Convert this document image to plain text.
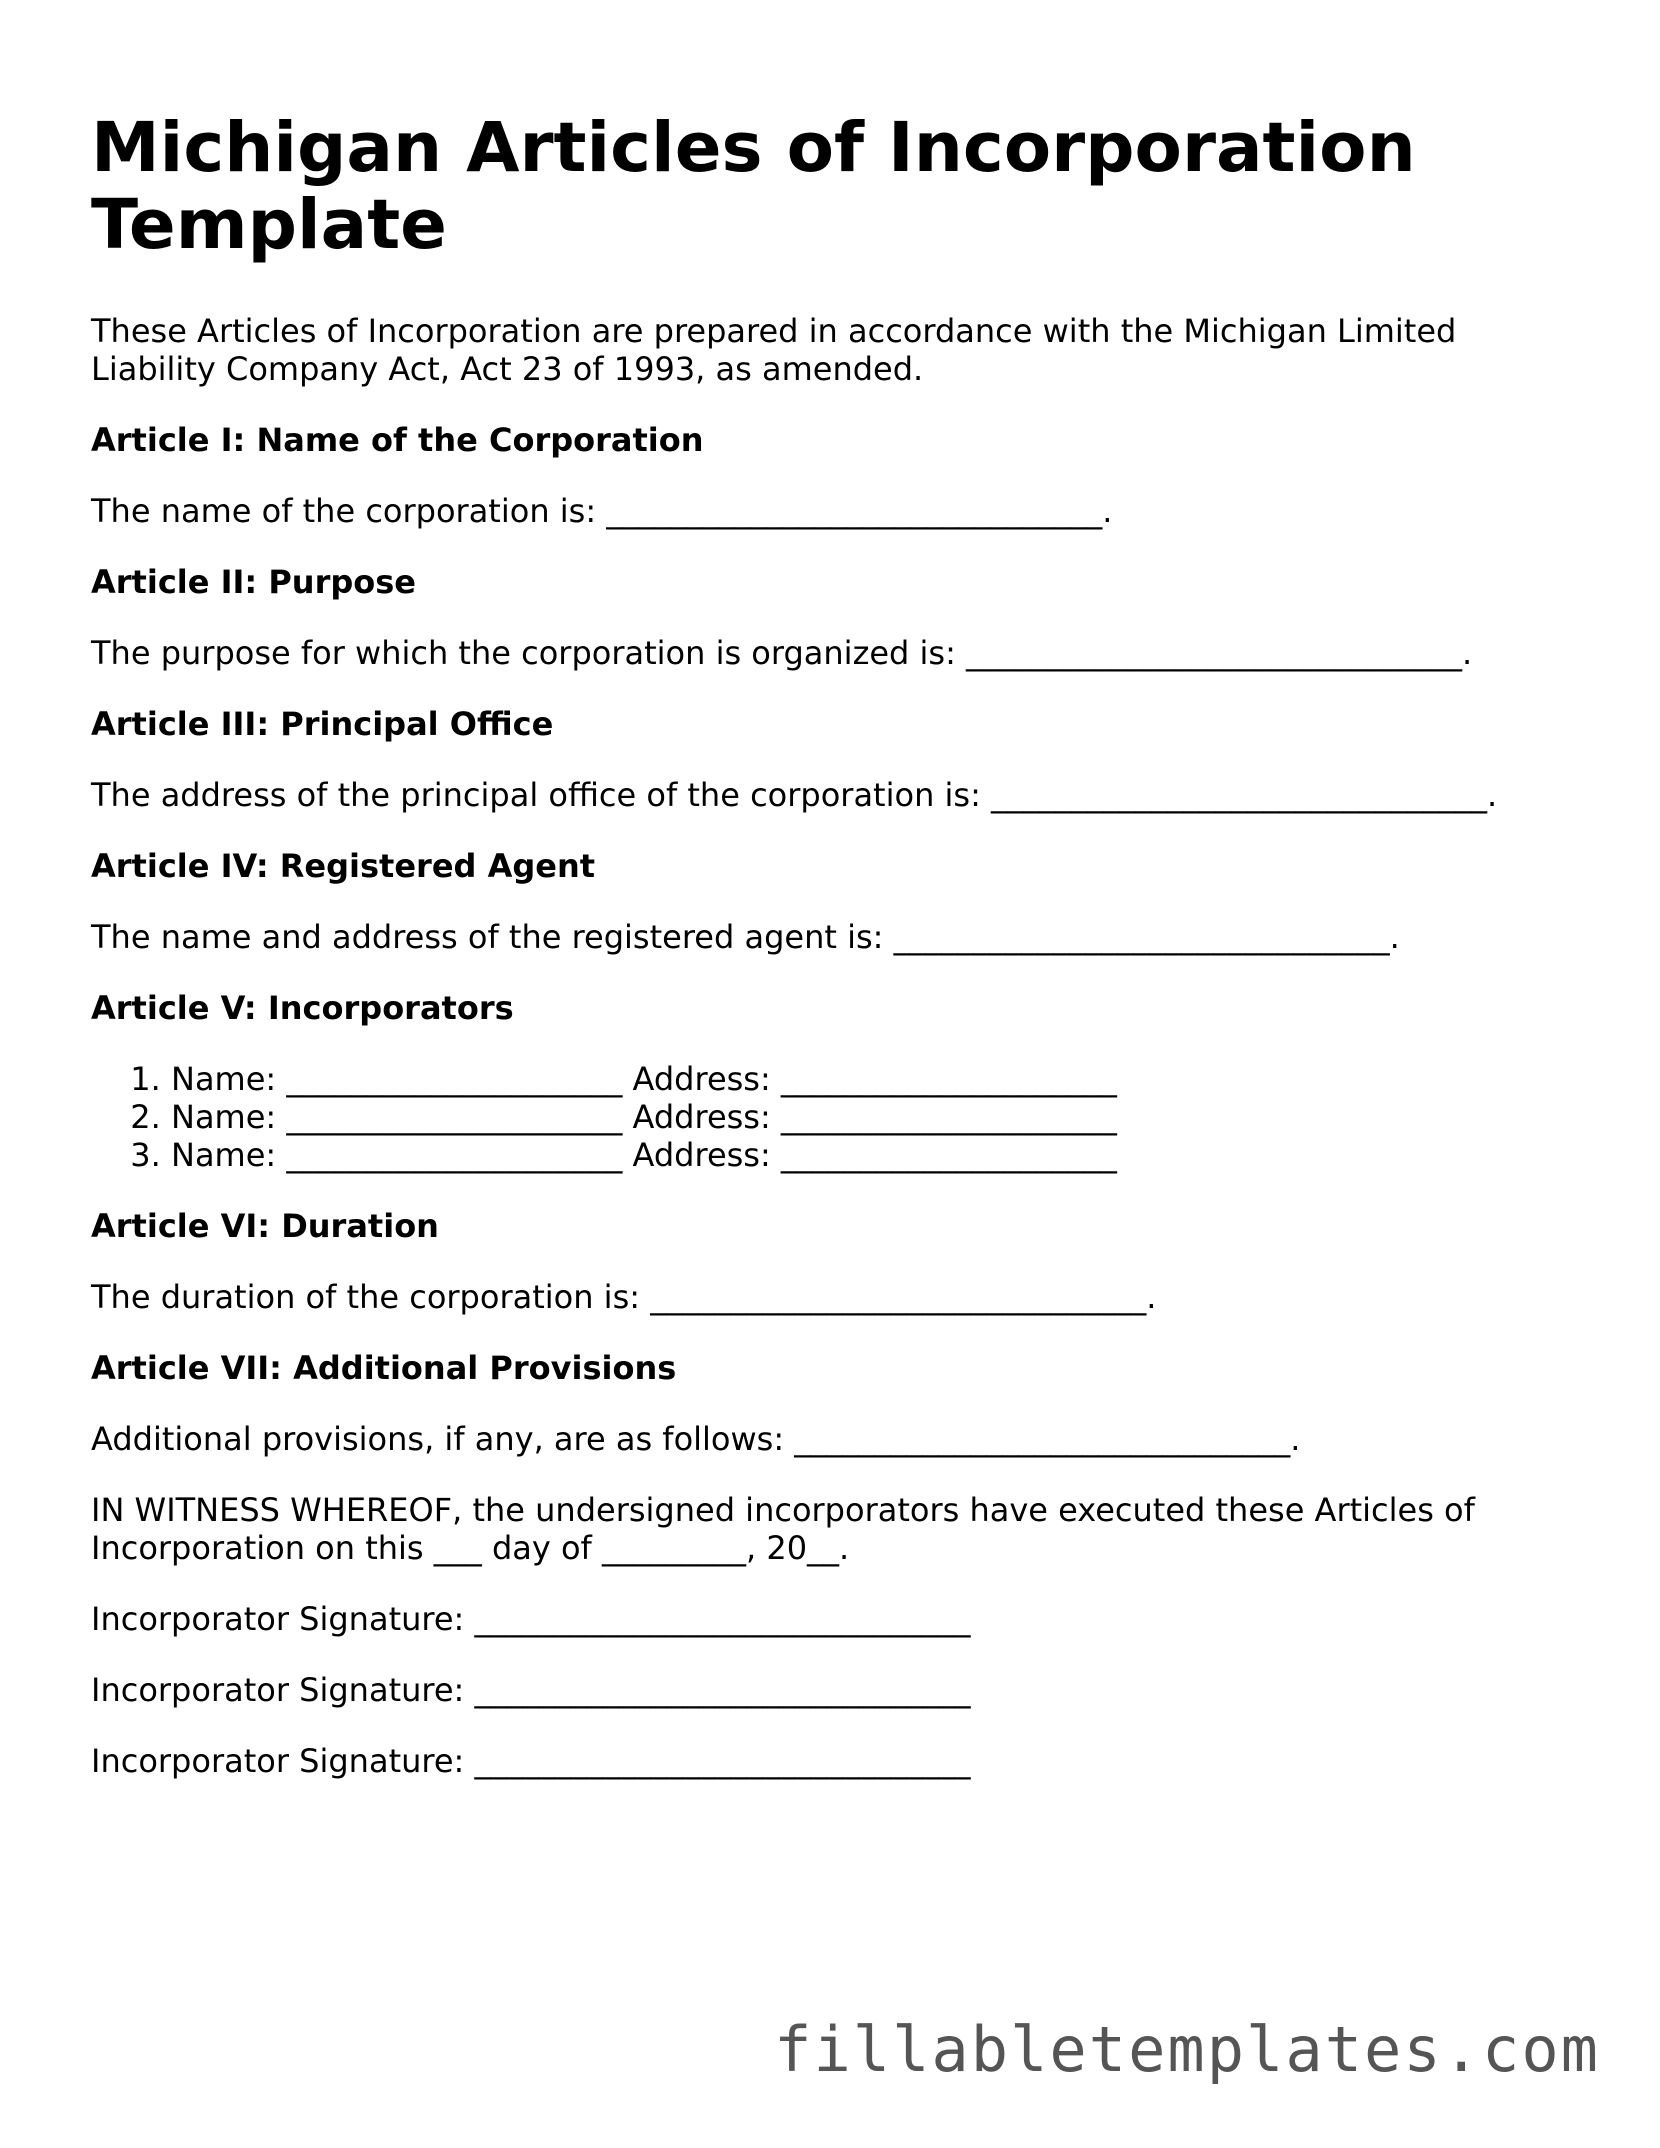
Michigan Articles of Incorporation Template

These Articles of Incorporation are prepared in accordance with the Michigan Limited Liability Company Act, Act 23 of 1993, as amended.

Article I: Name of the Corporation

The name of the corporation is: _______________________________.

Article II: Purpose

The purpose for which the corporation is organized is: _______________________________.

Article III: Principal Office

The address of the principal office of the corporation is: _______________________________.

Article IV: Registered Agent

The name and address of the registered agent is: _______________________________.

Article V: Incorporators
1. Name: _____________________ Address: _____________________
2. Name: _____________________ Address: _____________________
3. Name: _____________________ Address: _____________________
Article VI: Duration

The duration of the corporation is: _______________________________.

Article VII: Additional Provisions

Additional provisions, if any, are as follows: _______________________________.

IN WITNESS WHEREOF, the undersigned incorporators have executed these Articles of Incorporation on this ___ day of _________, 20__.

Incorporator Signature: _______________________________

Incorporator Signature: _______________________________

Incorporator Signature: _______________________________

fillabletemplates.com
